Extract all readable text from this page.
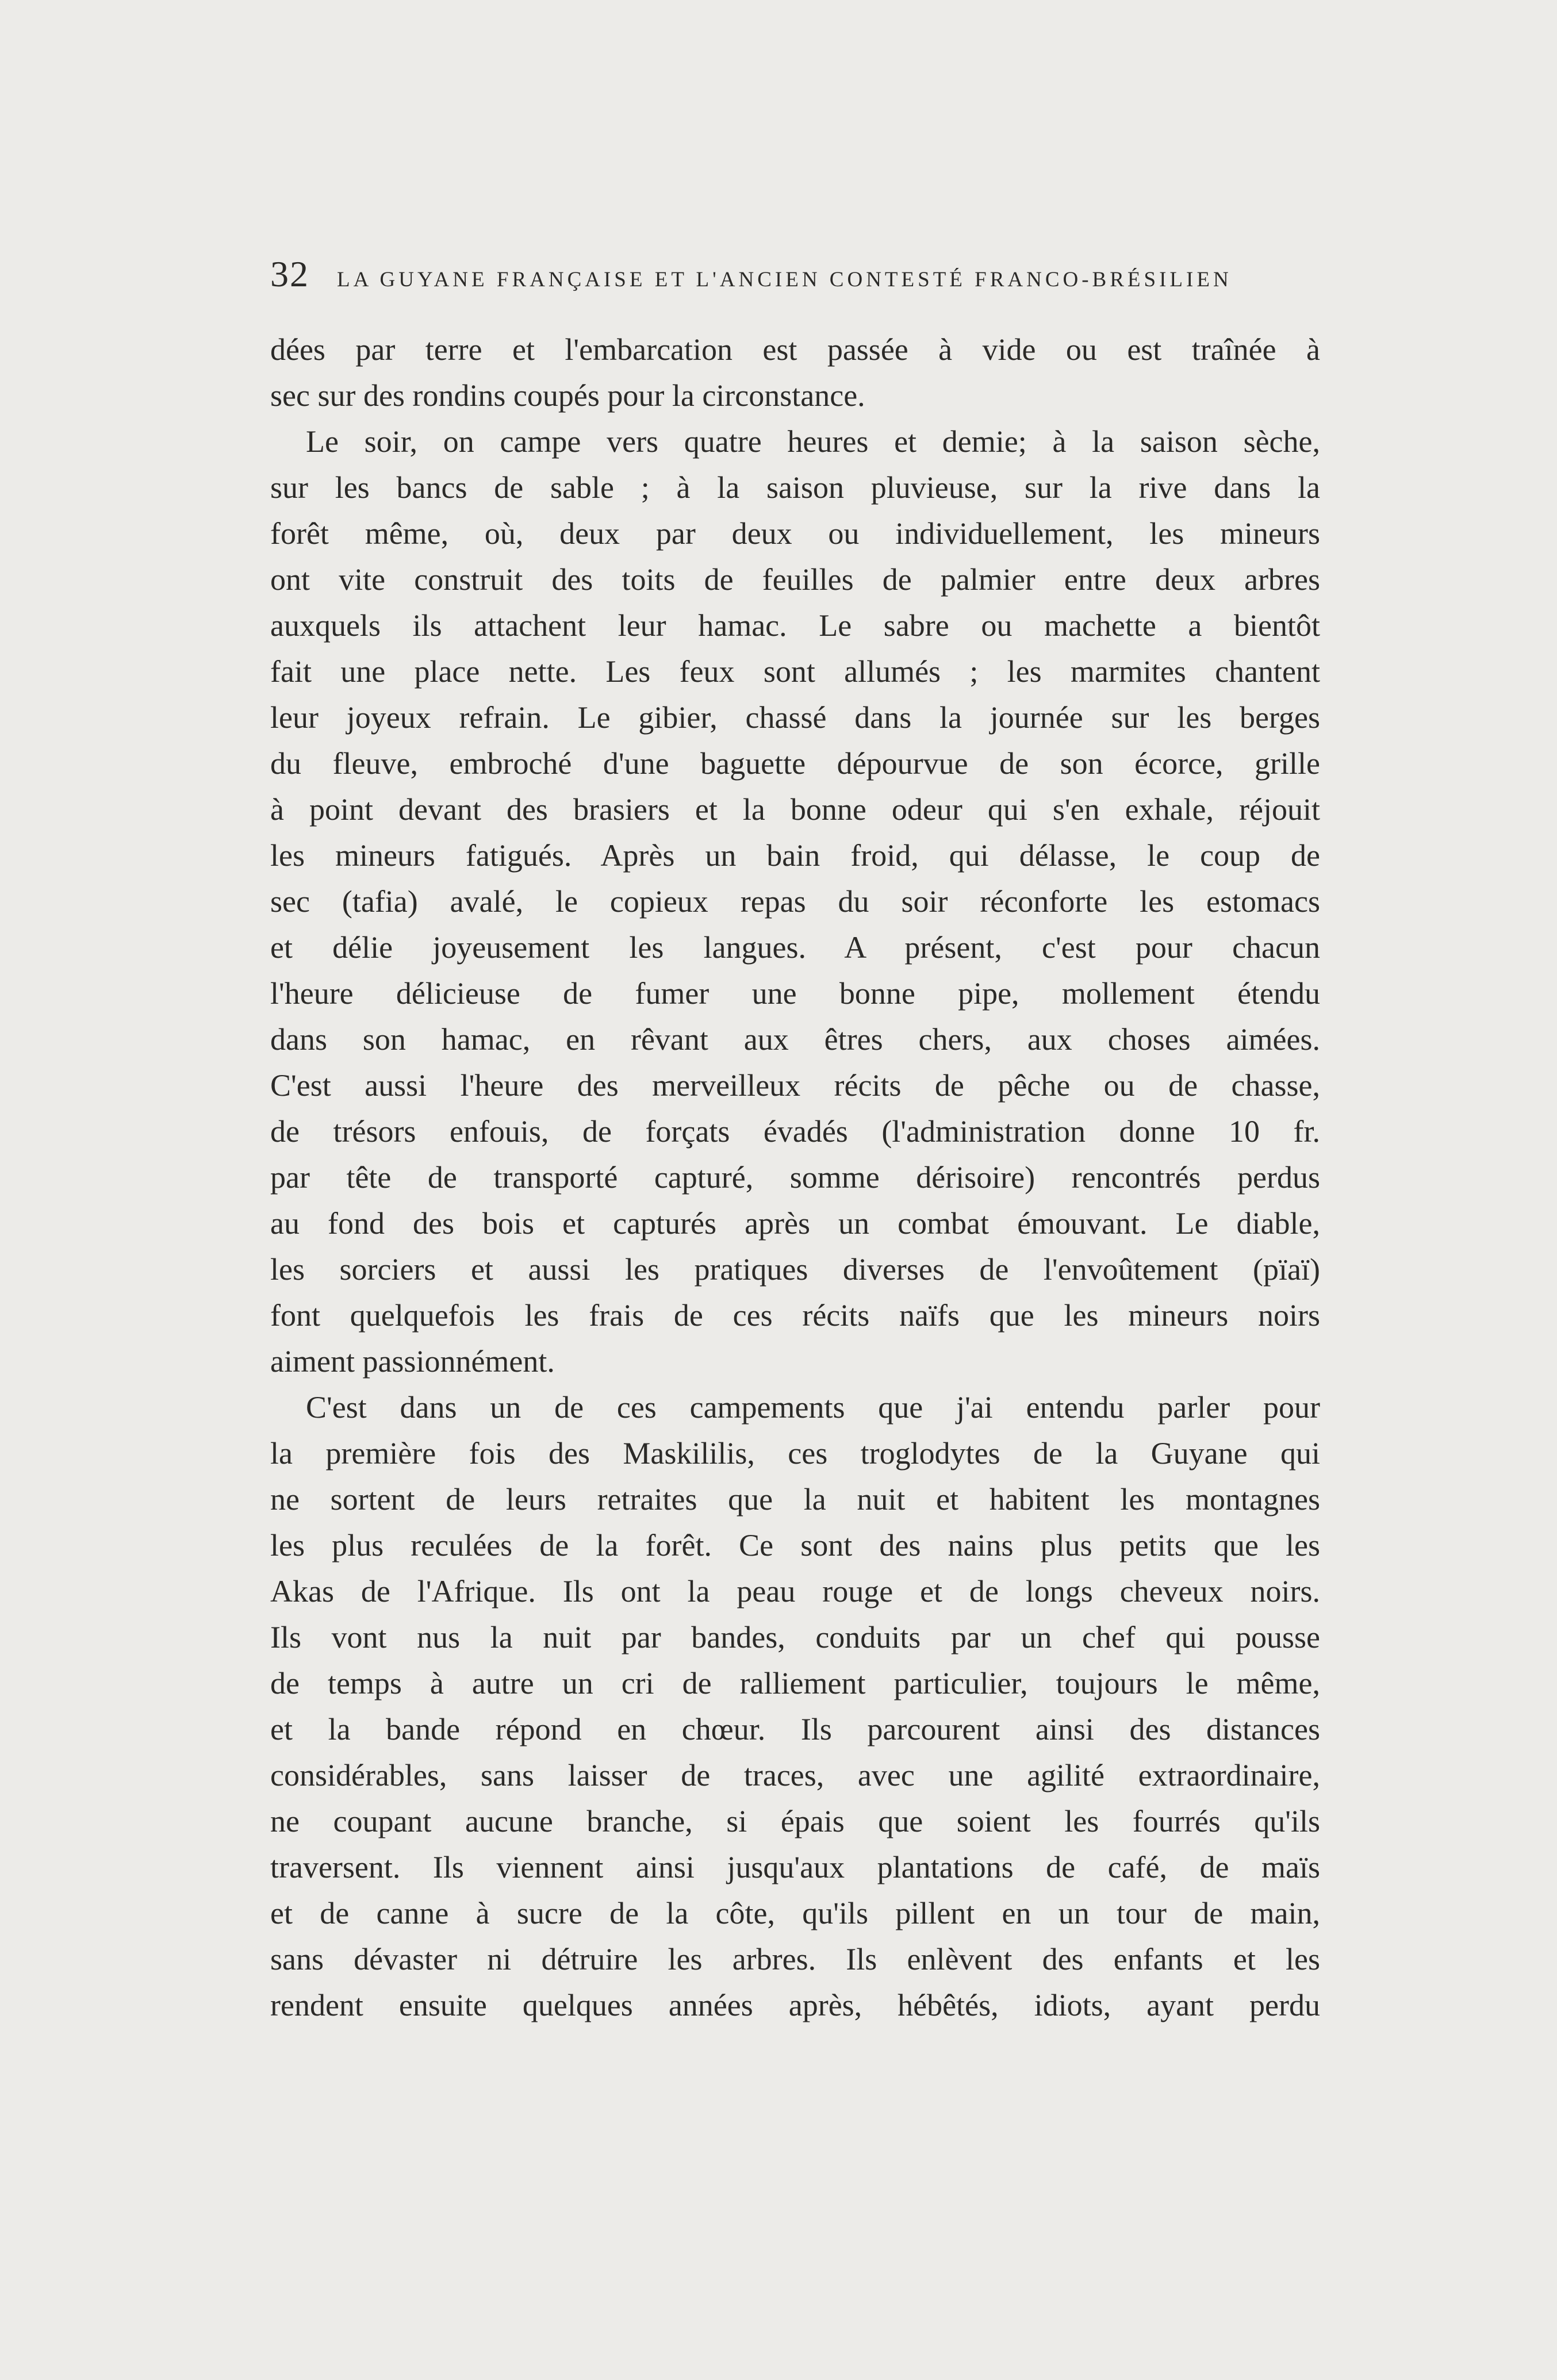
32 LA GUYANE FRANÇAISE ET L'ANCIEN CONTESTÉ FRANCO-BRÉSILIEN
dées par terre et l'embarcation est passée à vide ou est traînée à
sec sur des rondins coupés pour la circonstance.
Le soir, on campe vers quatre heures et demie; à la saison sèche,
sur les bancs de sable ; à la saison pluvieuse, sur la rive dans la
forêt même, où, deux par deux ou individuellement, les mineurs
ont vite construit des toits de feuilles de palmier entre deux arbres
auxquels ils attachent leur hamac. Le sabre ou machette a bientôt
fait une place nette. Les feux sont allumés ; les marmites chantent
leur joyeux refrain. Le gibier, chassé dans la journée sur les berges
du fleuve, embroché d'une baguette dépourvue de son écorce, grille
à point devant des brasiers et la bonne odeur qui s'en exhale, réjouit
les mineurs fatigués. Après un bain froid, qui délasse, le coup de
sec (tafia) avalé, le copieux repas du soir réconforte les estomacs
et délie joyeusement les langues. A présent, c'est pour chacun
l'heure délicieuse de fumer une bonne pipe, mollement étendu
dans son hamac, en rêvant aux êtres chers, aux choses aimées.
C'est aussi l'heure des merveilleux récits de pêche ou de chasse,
de trésors enfouis, de forçats évadés (l'administration donne 10 fr.
par tête de transporté capturé, somme dérisoire) rencontrés perdus
au fond des bois et capturés après un combat émouvant. Le diable,
les sorciers et aussi les pratiques diverses de l'envoûtement (pïaï)
font quelquefois les frais de ces récits naïfs que les mineurs noirs
aiment passionnément.
C'est dans un de ces campements que j'ai entendu parler pour
la première fois des Maskililis, ces troglodytes de la Guyane qui
ne sortent de leurs retraites que la nuit et habitent les montagnes
les plus reculées de la forêt. Ce sont des nains plus petits que les
Akas de l'Afrique. Ils ont la peau rouge et de longs cheveux noirs.
Ils vont nus la nuit par bandes, conduits par un chef qui pousse
de temps à autre un cri de ralliement particulier, toujours le même,
et la bande répond en chœur. Ils parcourent ainsi des distances
considérables, sans laisser de traces, avec une agilité extraordinaire,
ne coupant aucune branche, si épais que soient les fourrés qu'ils
traversent. Ils viennent ainsi jusqu'aux plantations de café, de maïs
et de canne à sucre de la côte, qu'ils pillent en un tour de main,
sans dévaster ni détruire les arbres. Ils enlèvent des enfants et les
rendent ensuite quelques années après, hébêtés, idiots, ayant perdu
